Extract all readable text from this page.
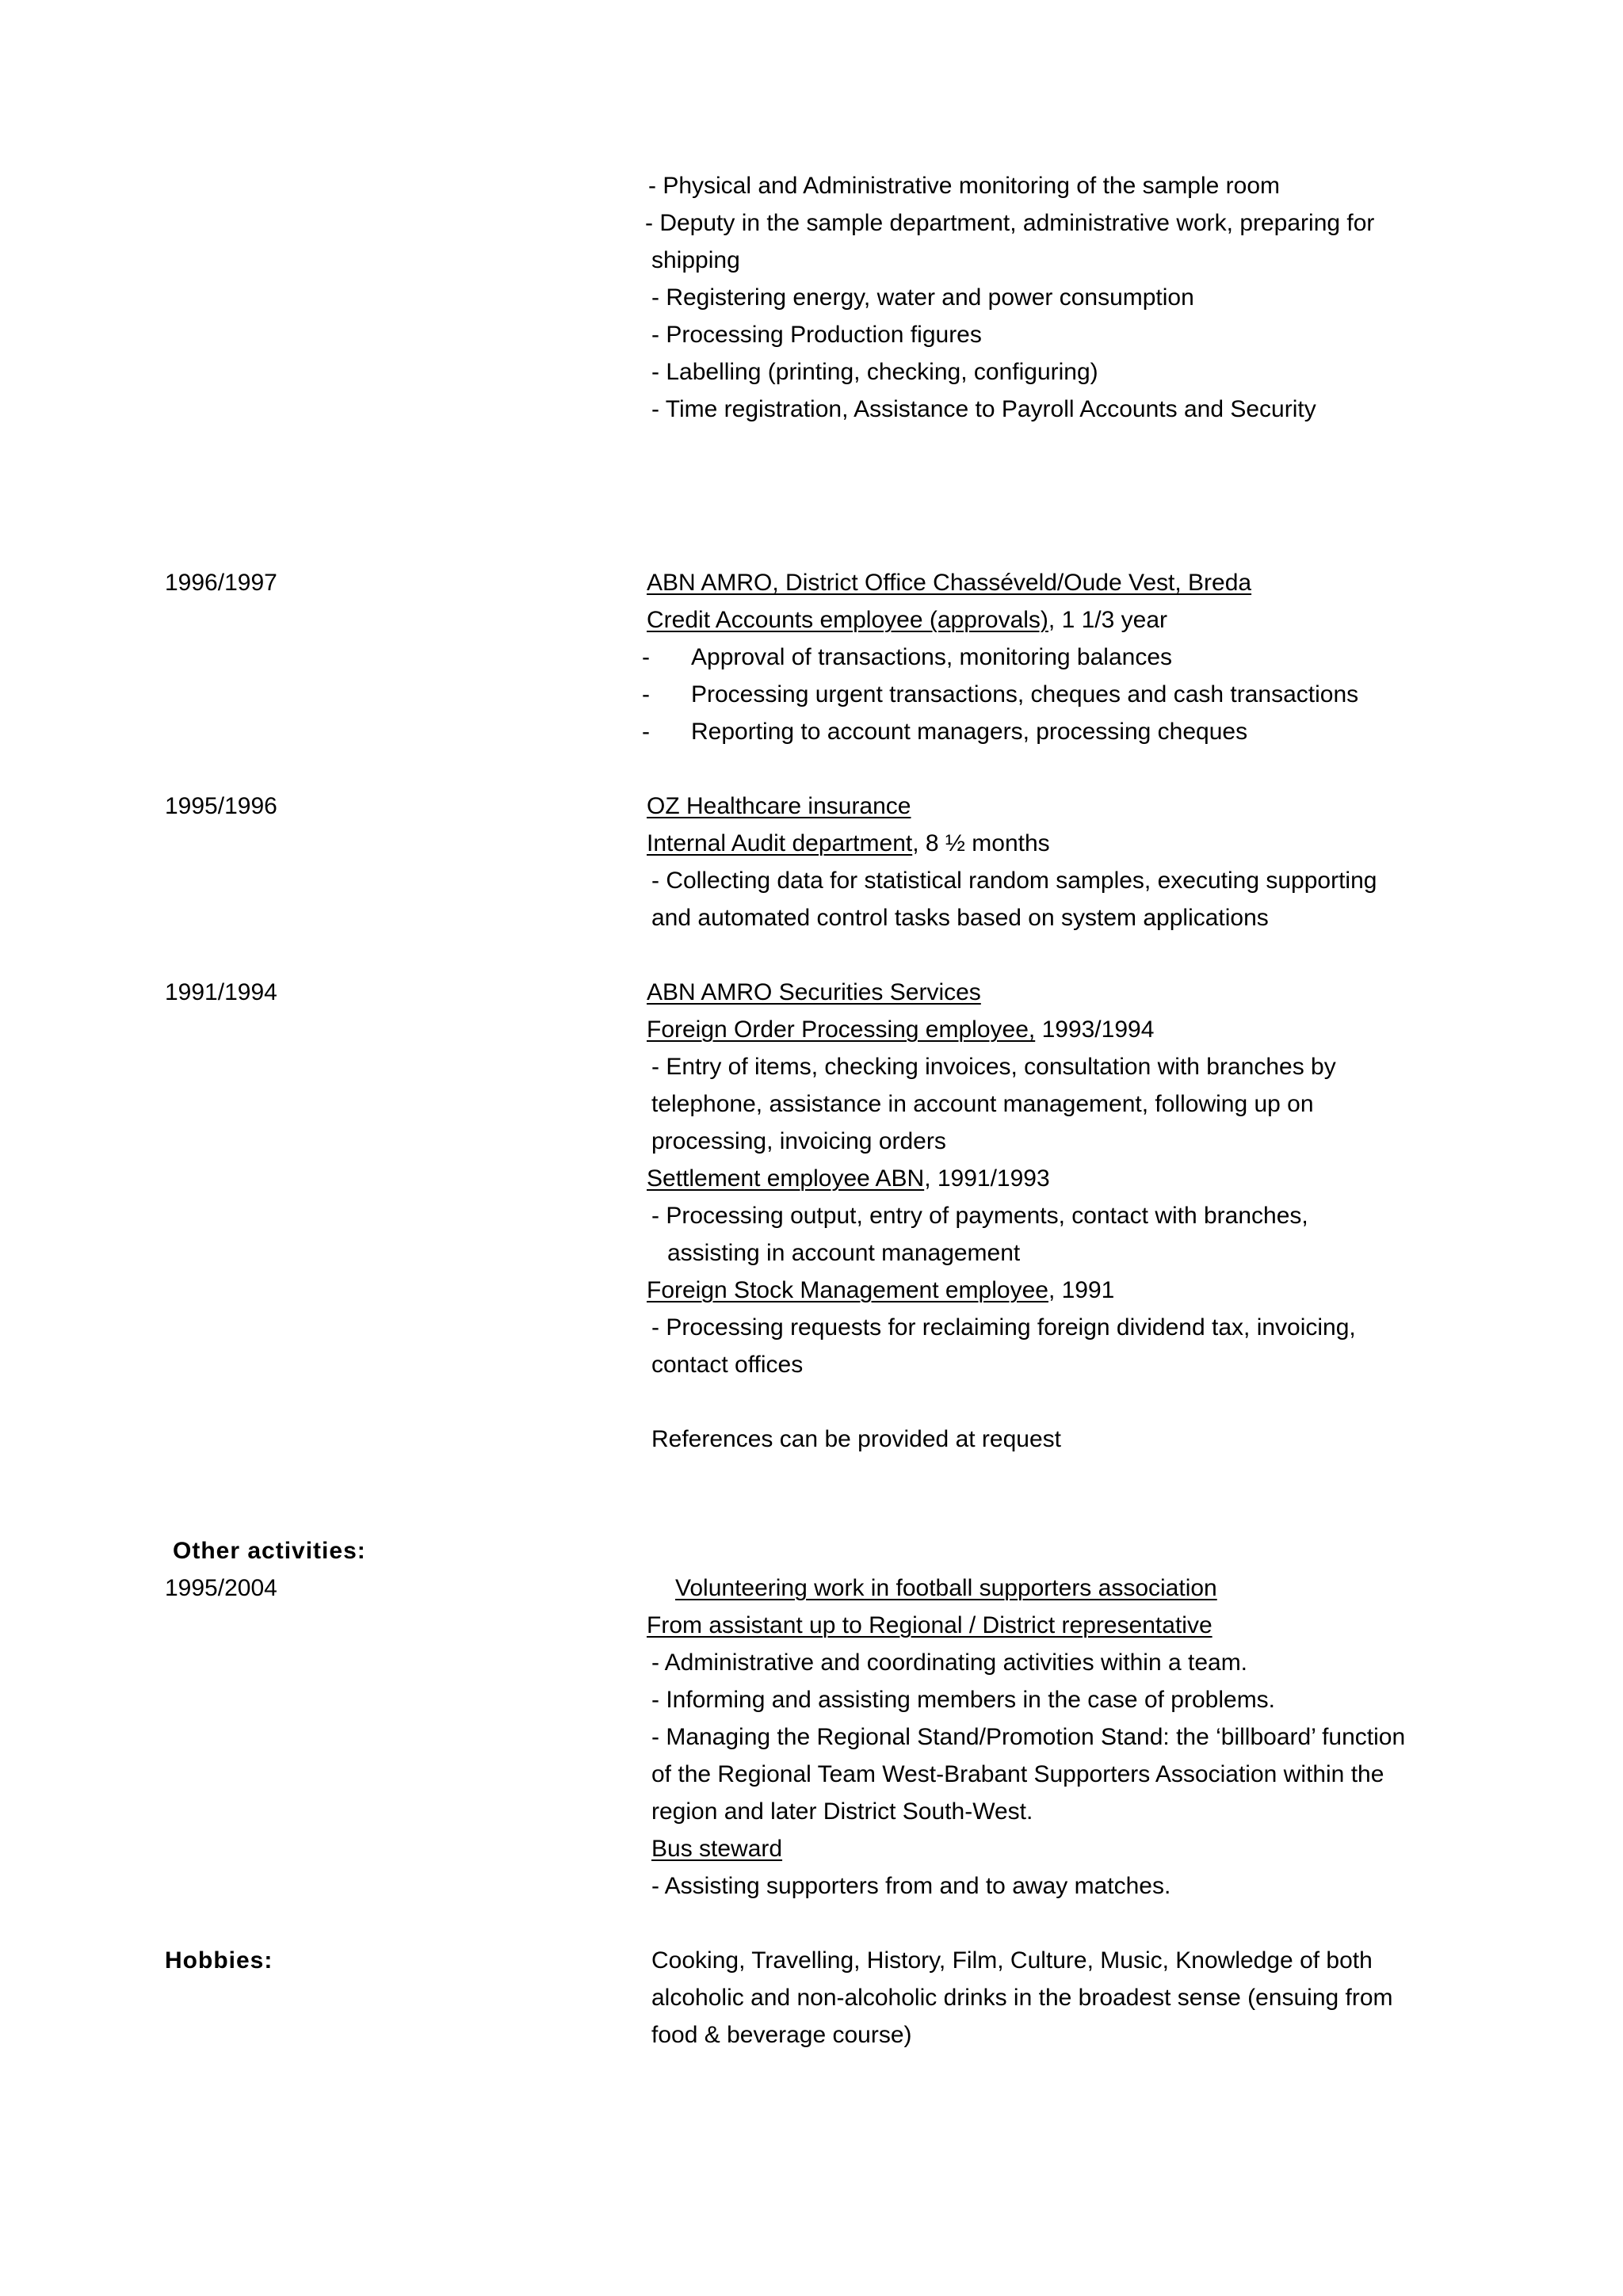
- Physical and Administrative monitoring of the sample room
- Deputy in the sample department, administrative work, preparing for
shipping
- Registering energy, water and power consumption
- Processing Production figures
- Labelling (printing, checking, configuring)
- Time registration, Assistance to Payroll Accounts and Security
1996/1997	ABN AMRO, District Office Chasséveld/Oude Vest, Breda
Credit Accounts employee (approvals), 1 1/3 year
- Approval of transactions, monitoring balances
- Processing urgent transactions, cheques and cash transactions
- Reporting to account managers, processing cheques
1995/1996	OZ Healthcare insurance
Internal Audit department, 8 ½ months
- Collecting data for statistical random samples, executing supporting
and automated control tasks based on system applications
1991/1994	ABN AMRO Securities Services
Foreign Order Processing employee, 1993/1994
- Entry of items, checking invoices, consultation with branches by
telephone, assistance in account management, following up on
processing, invoicing orders
Settlement employee ABN, 1991/1993
- Processing output, entry of payments, contact with branches,
assisting in account management
Foreign Stock Management employee, 1991
- Processing requests for reclaiming foreign dividend tax, invoicing,
contact offices
References can be provided at request
Other activities:
1995/2004	Volunteering work in football supporters association
From assistant up to Regional / District representative
- Administrative and coordinating activities within a team.
- Informing and assisting members in the case of problems.
- Managing the Regional Stand/Promotion Stand: the ‘billboard’ function
of the Regional Team West-Brabant Supporters Association within the
region and later District South-West.
Bus steward
- Assisting supporters from and to away matches.
Hobbies:	Cooking, Travelling, History, Film, Culture, Music, Knowledge of both
alcoholic and non-alcoholic drinks in the broadest sense (ensuing from
food & beverage course)
